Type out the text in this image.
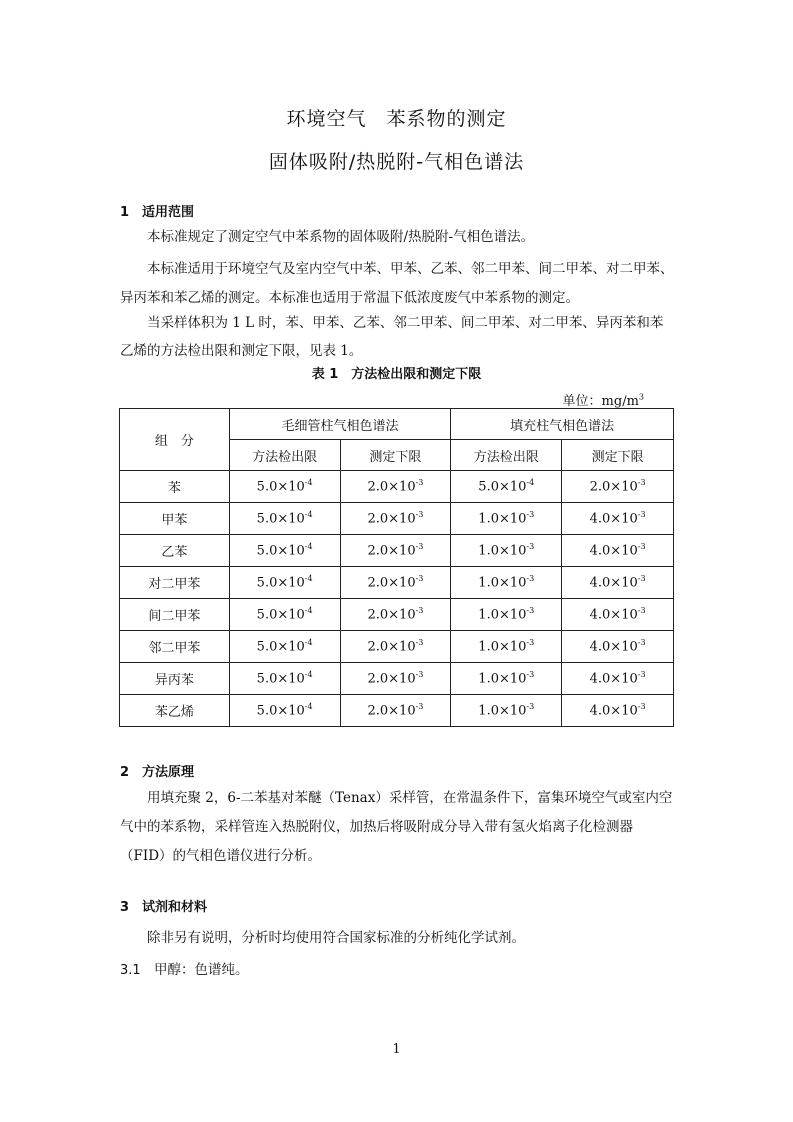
环境空气　苯系物的测定
固体吸附/热脱附-气相色谱法
1 适用范围
本标准规定了测定空气中苯系物的固体吸附/热脱附-气相色谱法。
本标准适用于环境空气及室内空气中苯、甲苯、乙苯、邻二甲苯、间二甲苯、对二甲苯、异丙苯和苯乙烯的测定。本标准也适用于常温下低浓度废气中苯系物的测定。
当采样体积为 1 L 时，苯、甲苯、乙苯、邻二甲苯、间二甲苯、对二甲苯、异丙苯和苯乙烯的方法检出限和测定下限，见表 1。
表 1　方法检出限和测定下限
单位：$mg/m^3$
组　分	毛细管柱气相色谱法		填充柱气相色谱法	
	方法检出限	测定下限	方法检出限	测定下限
苯	$5.0\times 10^{-4}$	$2.0\times 10^{-3}$	$5.0\times 10^{-4}$	$2.0\times 10^{-3}$
甲苯	$5.0\times 10^{-4}$	$2.0\times 10^{-3}$	$1.0\times 10^{-3}$	$4.0\times 10^{-3}$
乙苯	$5.0\times 10^{-4}$	$2.0\times 10^{-3}$	$1.0\times 10^{-3}$	$4.0\times 10^{-3}$
对二甲苯	$5.0\times 10^{-4}$	$2.0\times 10^{-3}$	$1.0\times 10^{-3}$	$4.0\times 10^{-3}$
间二甲苯	$5.0\times 10^{-4}$	$2.0\times 10^{-3}$	$1.0\times 10^{-3}$	$4.0\times 10^{-3}$
邻二甲苯	$5.0\times 10^{-4}$	$2.0\times 10^{-3}$	$1.0\times 10^{-3}$	$4.0\times 10^{-3}$
异丙苯	$5.0\times 10^{-4}$	$2.0\times 10^{-3}$	$1.0\times 10^{-3}$	$4.0\times 10^{-3}$
苯乙烯	$5.0\times 10^{-4}$	$2.0\times 10^{-3}$	$1.0\times 10^{-3}$	$4.0\times 10^{-3}$
2 方法原理
用填充聚 2，6-二苯基对苯醚（Tenax）采样管，在常温条件下，富集环境空气或室内空气中的苯系物，采样管连入热脱附仪，加热后将吸附成分导入带有氢火焰离子化检测器（FID）的气相色谱仪进行分析。
3 试剂和材料
除非另有说明，分析时均使用符合国家标准的分析纯化学试剂。
3.1 甲醇：色谱纯。
1
